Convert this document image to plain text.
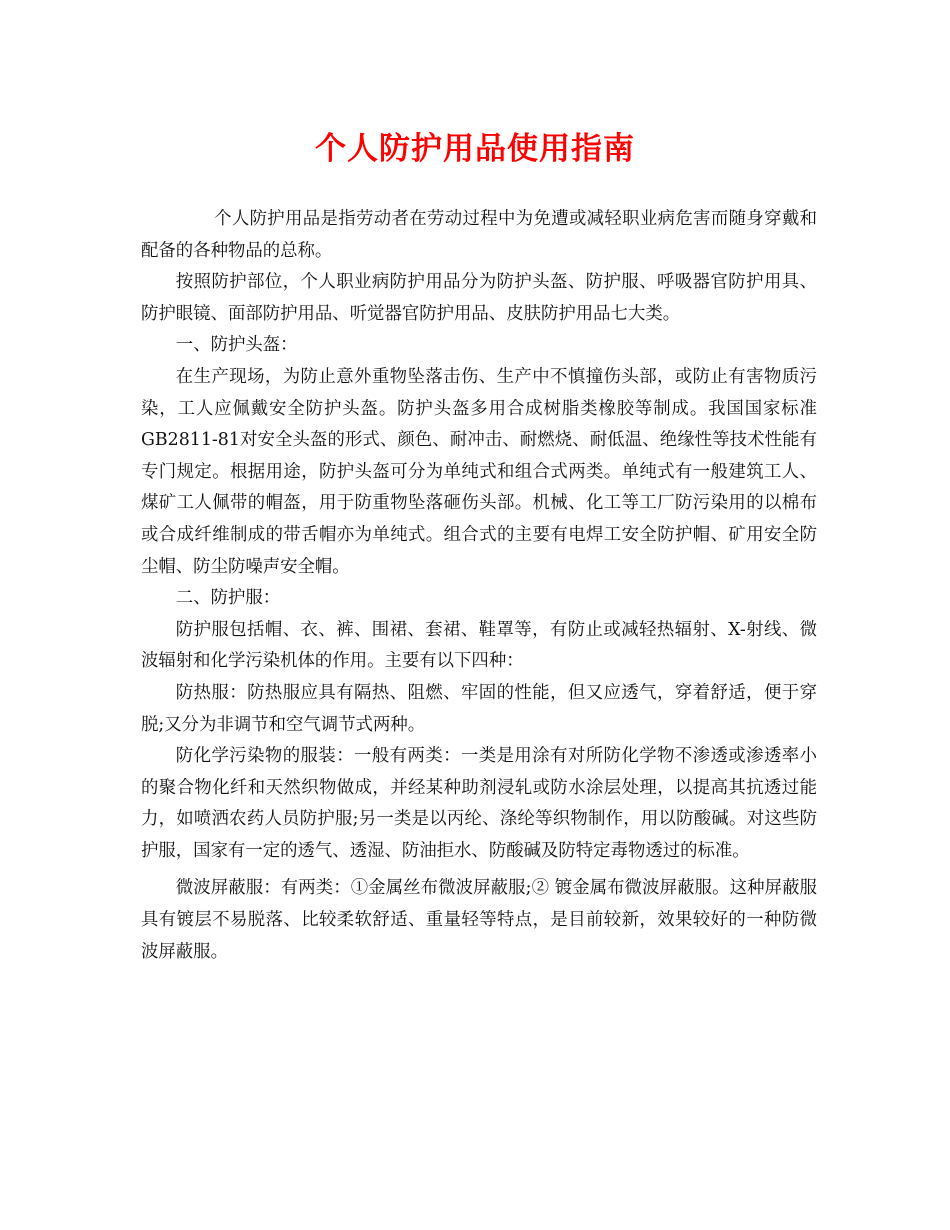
个人防护用品使用指南

个人防护用品是指劳动者在劳动过程中为免遭或减轻职业病危害而随身穿戴和配备的各种物品的总称。

按照防护部位，个人职业病防护用品分为防护头盔、防护服、呼吸器官防护用具、防护眼镜、面部防护用品、听觉器官防护用品、皮肤防护用品七大类。

一、防护头盔：

在生产现场，为防止意外重物坠落击伤、生产中不慎撞伤头部，或防止有害物质污染，工人应佩戴安全防护头盔。防护头盔多用合成树脂类橡胶等制成。我国国家标准GB2811-81对安全头盔的形式、颜色、耐冲击、耐燃烧、耐低温、绝缘性等技术性能有专门规定。根据用途，防护头盔可分为单纯式和组合式两类。单纯式有一般建筑工人、煤矿工人佩带的帽盔，用于防重物坠落砸伤头部。机械、化工等工厂防污染用的以棉布或合成纤维制成的带舌帽亦为单纯式。组合式的主要有电焊工安全防护帽、矿用安全防尘帽、防尘防噪声安全帽。

二、防护服：

防护服包括帽、衣、裤、围裙、套裙、鞋罩等，有防止或减轻热辐射、X-射线、微波辐射和化学污染机体的作用。主要有以下四种：

防热服：防热服应具有隔热、阻燃、牢固的性能，但又应透气，穿着舒适，便于穿脱;又分为非调节和空气调节式两种。

防化学污染物的服装：一般有两类：一类是用涂有对所防化学物不渗透或渗透率小的聚合物化纤和天然织物做成，并经某种助剂浸轧或防水涂层处理，以提高其抗透过能力，如喷洒农药人员防护服;另一类是以丙纶、涤纶等织物制作，用以防酸碱。对这些防护服，国家有一定的透气、透湿、防油拒水、防酸碱及防特定毒物透过的标准。

微波屏蔽服：有两类：①金属丝布微波屏蔽服;② 镀金属布微波屏蔽服。这种屏蔽服具有镀层不易脱落、比较柔软舒适、重量轻等特点，是目前较新，效果较好的一种防微波屏蔽服。
